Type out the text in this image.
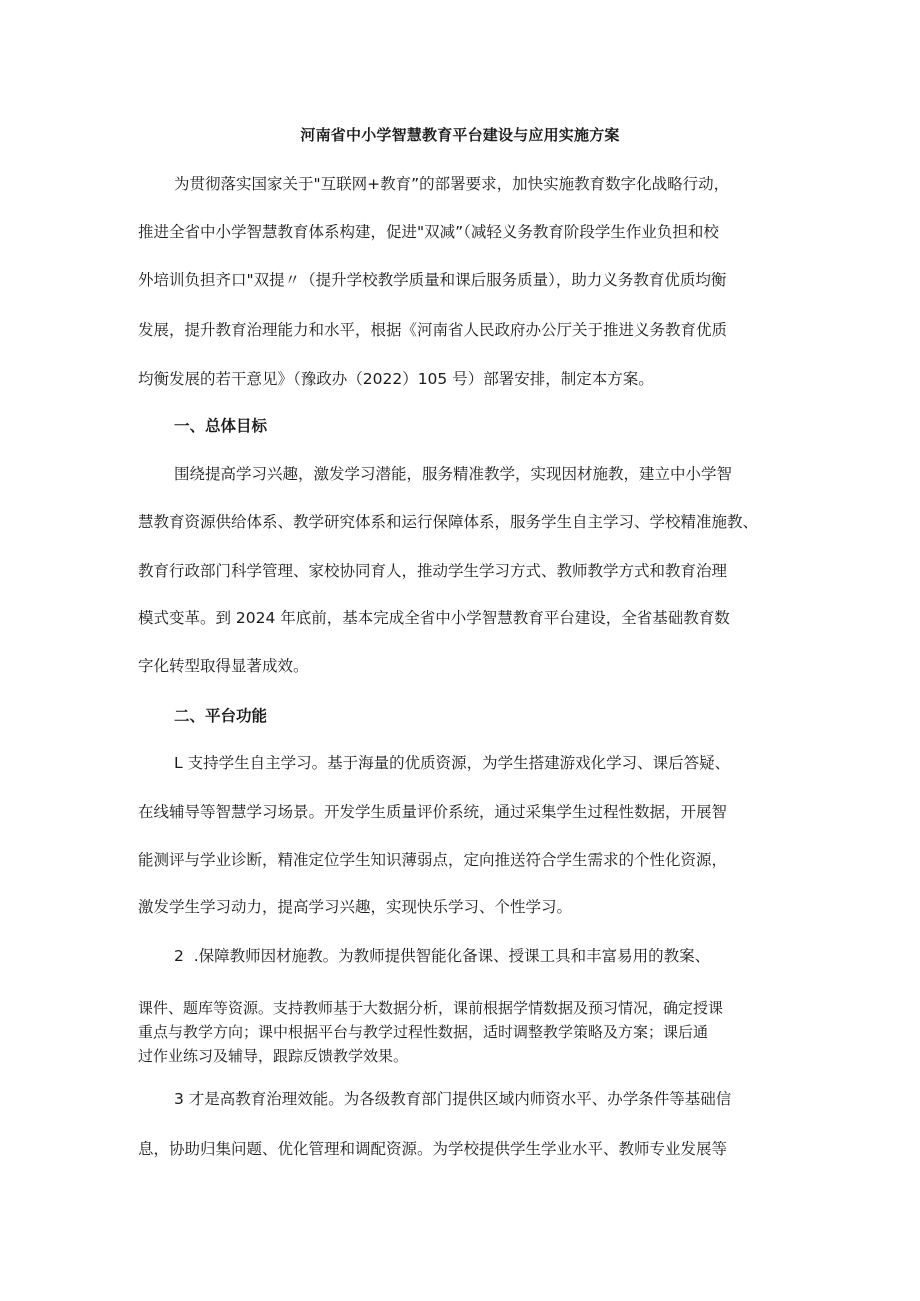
河南省中小学智慧教育平台建设与应用实施方案

为贯彻落实国家关于"互联网+教育”的部署要求，加快实施教育数字化战略行动，

推进全省中小学智慧教育体系构建，促进"双减”（减轻义务教育阶段学生作业负担和校

外培训负担齐口"双提〃（提升学校教学质量和课后服务质量），助力义务教育优质均衡

发展，提升教育治理能力和水平，根据《河南省人民政府办公厅关于推进义务教育优质

均衡发展的若干意见》（豫政办（2022）105 号）部署安排，制定本方案。

一、总体目标

围绕提高学习兴趣，激发学习潜能，服务精准教学，实现因材施教，建立中小学智

慧教育资源供给体系、教学研究体系和运行保障体系，服务学生自主学习、学校精准施教、

教育行政部门科学管理、家校协同育人，推动学生学习方式、教师教学方式和教育治理

模式变革。到 2024 年底前，基本完成全省中小学智慧教育平台建设，全省基础教育数

字化转型取得显著成效。

二、平台功能

L 支持学生自主学习。基于海量的优质资源，为学生搭建游戏化学习、课后答疑、

在线辅导等智慧学习场景。开发学生质量评价系统，通过采集学生过程性数据，开展智

能测评与学业诊断，精准定位学生知识薄弱点，定向推送符合学生需求的个性化资源，

激发学生学习动力，提高学习兴趣，实现快乐学习、个性学习。

2  .保障教师因材施教。为教师提供智能化备课、授课工具和丰富易用的教案、

课件、题库等资源。支持教师基于大数据分析，课前根据学情数据及预习情况，确定授课

重点与教学方向；课中根据平台与教学过程性数据，适时调整教学策略及方案；课后通

过作业练习及辅导，跟踪反馈教学效果。

3 才是高教育治理效能。为各级教育部门提供区域内师资水平、办学条件等基础信

息，协助归集问题、优化管理和调配资源。为学校提供学生学业水平、教师专业发展等
